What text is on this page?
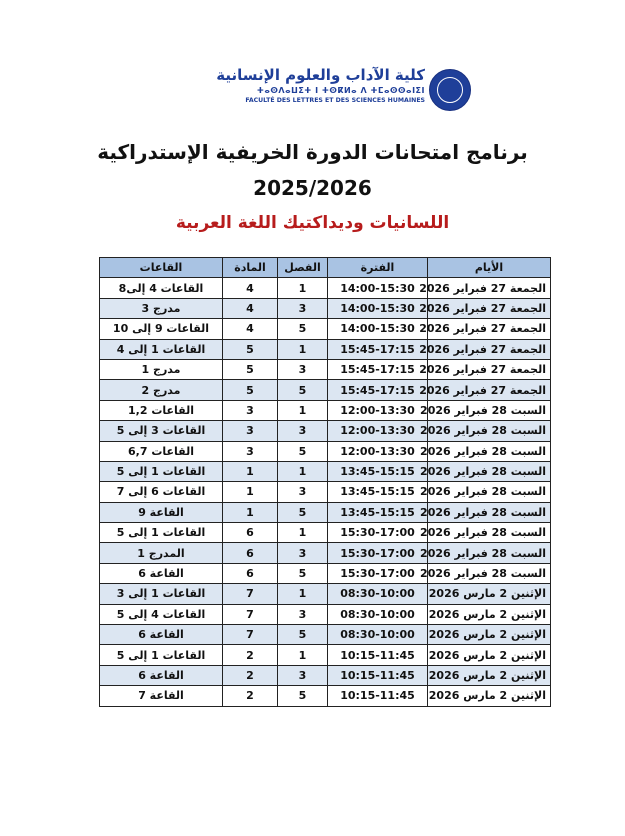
كلية الآداب والعلوم الإنسانية
ⵜⴰⵙⴷⴰⵡⵉⵜ ⵏ ⵜⵙⴽⵍⴰ ⴷ ⵜⵎⴰⵙⵙⴰⵏⵉⵏ
FACULTÉ DES LETTRES ET DES SCIENCES HUMAINES
برنامج امتحانات الدورة الخريفية الإستدراكية
2025/2026
اللسانيات وديداكتيك اللغة العربية
الأيام	الفترة	الفصل	المادة	القاعات
الجمعة 27 فبراير 2026	14:00-15:30	1	4	القاعات 4 إلى8
الجمعة 27 فبراير 2026	14:00-15:30	3	4	مدرج 3
الجمعة 27 فبراير 2026	14:00-15:30	5	4	القاعات 9 إلى 10
الجمعة 27 فبراير 2026	15:45-17:15	1	5	القاعات 1 إلى 4
الجمعة 27 فبراير 2026	15:45-17:15	3	5	مدرج 1
الجمعة 27 فبراير 2026	15:45-17:15	5	5	مدرج 2
السبت 28 فبراير 2026	12:00-13:30	1	3	القاعات 1,2
السبت 28 فبراير 2026	12:00-13:30	3	3	القاعات 3 إلى 5
السبت 28 فبراير 2026	12:00-13:30	5	3	القاعات 6,7
السبت 28 فبراير 2026	13:45-15:15	1	1	القاعات 1 إلى 5
السبت 28 فبراير 2026	13:45-15:15	3	1	القاعات 6 إلى 7
السبت 28 فبراير 2026	13:45-15:15	5	1	القاعة 9
السبت 28 فبراير 2026	15:30-17:00	1	6	القاعات 1 إلى 5
السبت 28 فبراير 2026	15:30-17:00	3	6	المدرج 1
السبت 28 فبراير 2026	15:30-17:00	5	6	القاعة 6
الإثنين 2 مارس 2026	08:30-10:00	1	7	القاعات 1 إلى 3
الإثنين 2 مارس 2026	08:30-10:00	3	7	القاعات 4 إلى 5
الإثنين 2 مارس 2026	08:30-10:00	5	7	القاعة 6
الإثنين 2 مارس 2026	10:15-11:45	1	2	القاعات 1 إلى 5
الإثنين 2 مارس 2026	10:15-11:45	3	2	القاعة 6
الإثنين 2 مارس 2026	10:15-11:45	5	2	القاعة 7
